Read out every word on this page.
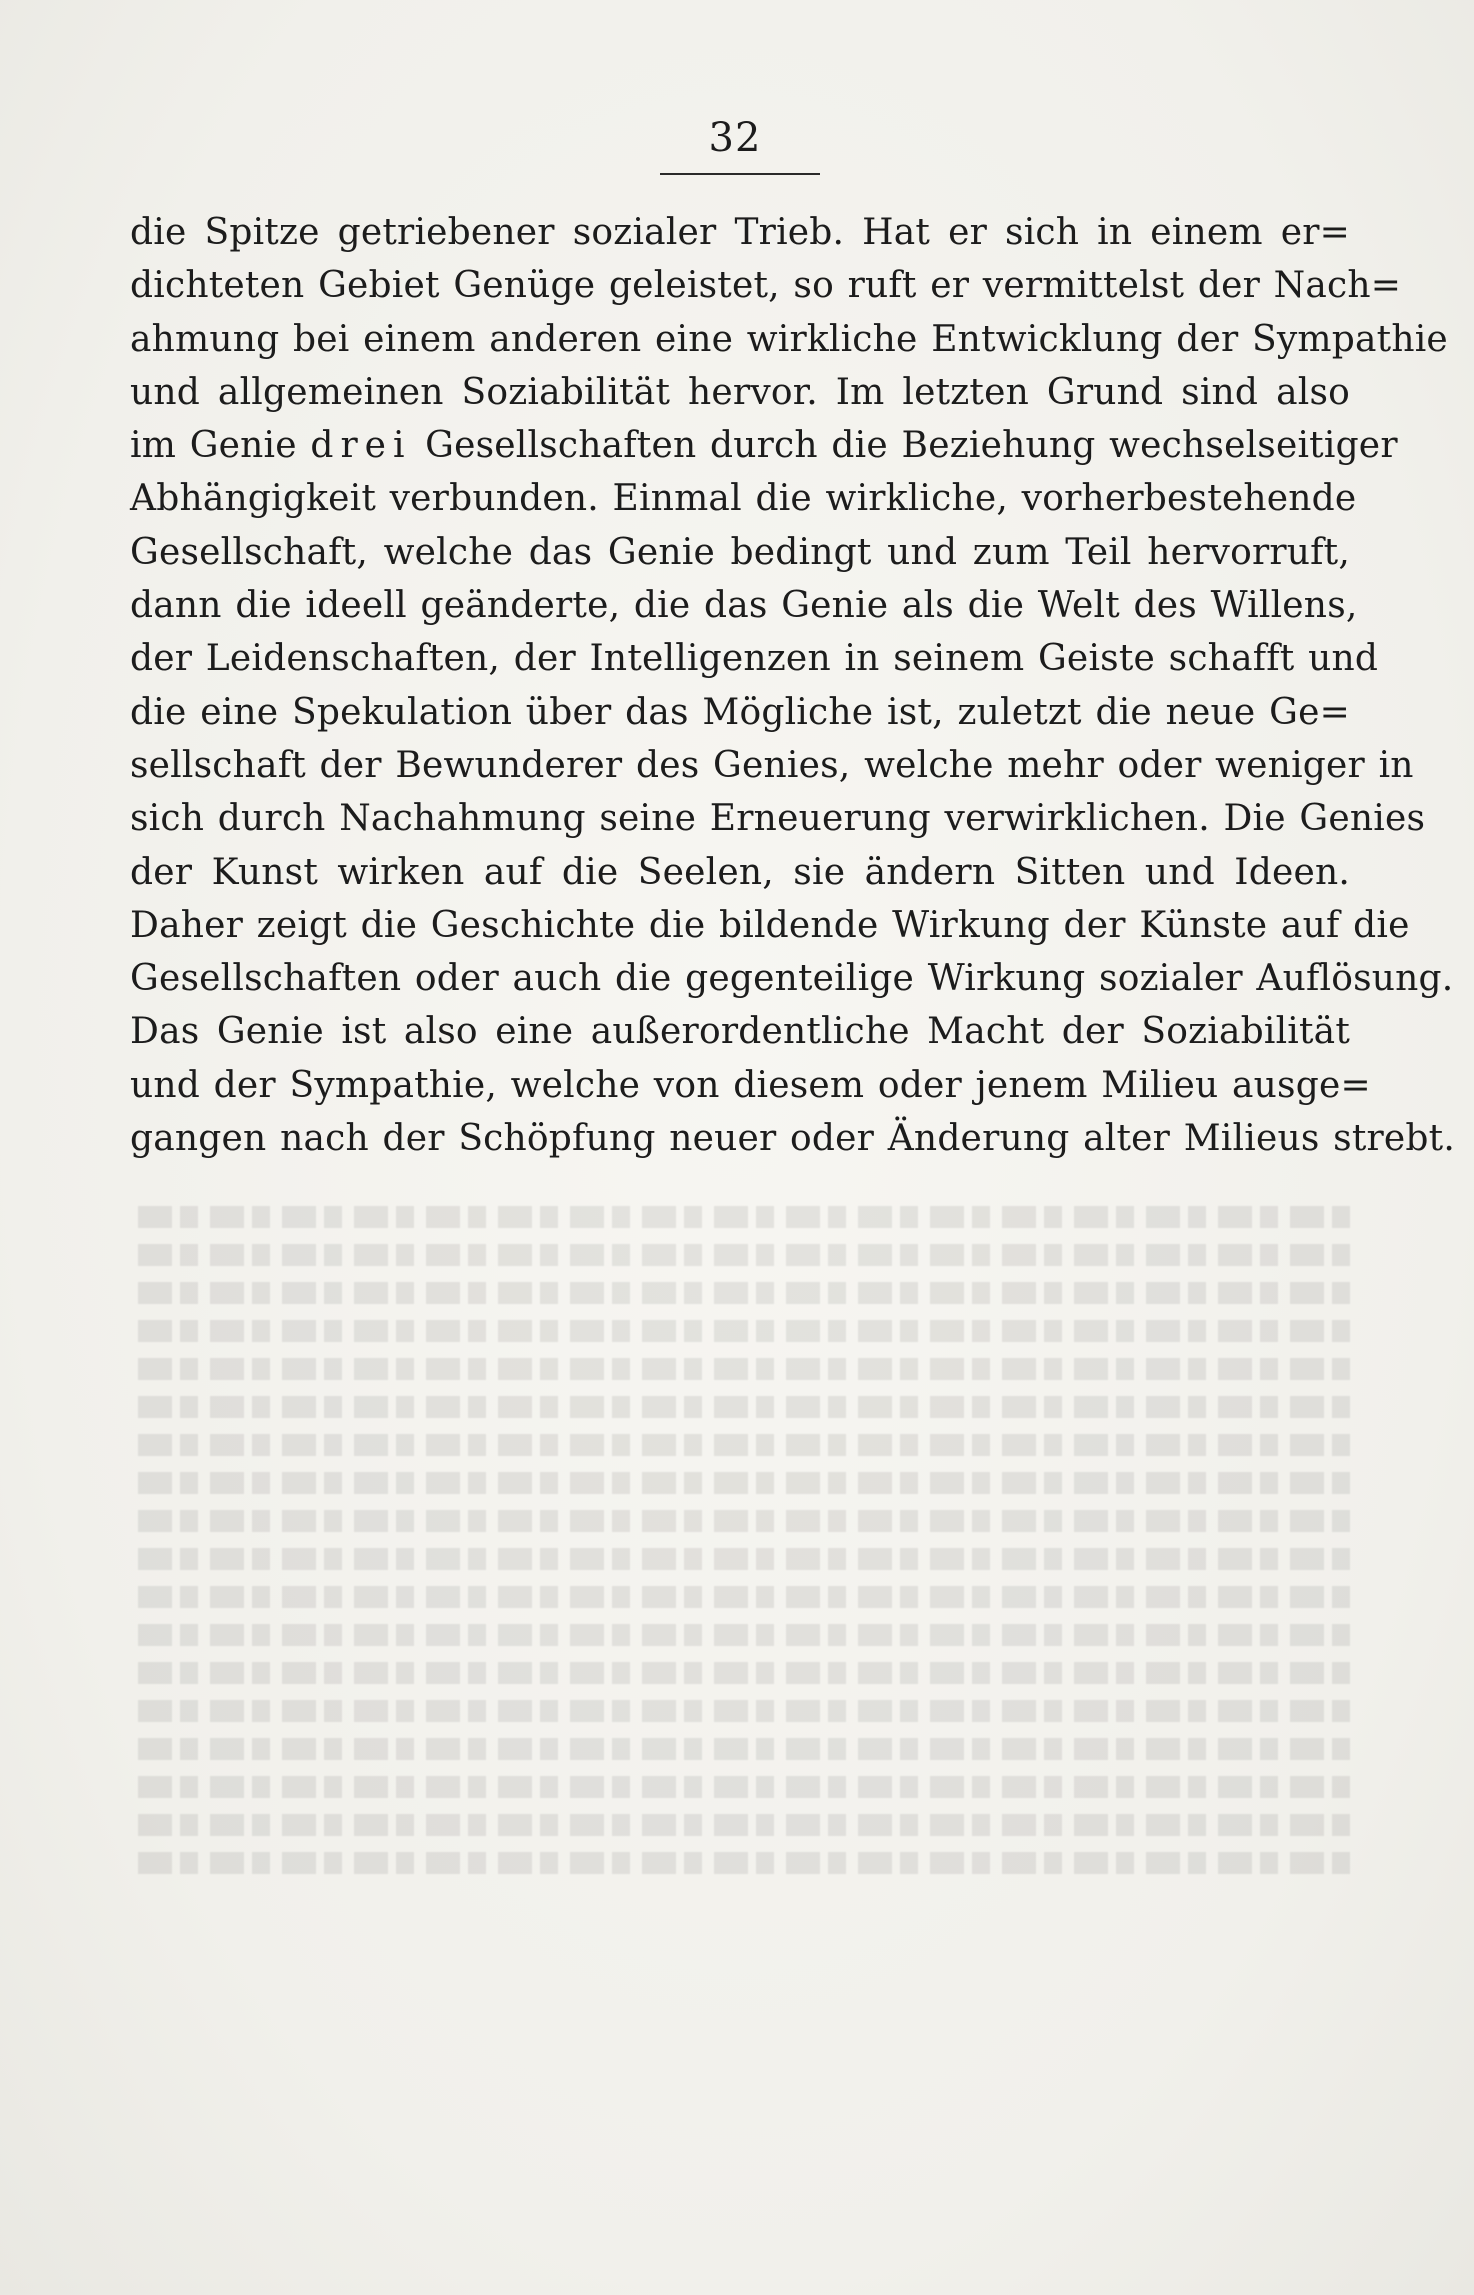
32
die Spitze getriebener sozialer Trieb. Hat er sich in einem er=
dichteten Gebiet Genüge geleistet, so ruft er vermittelst der Nach=
ahmung bei einem anderen eine wirkliche Entwicklung der Sympathie
und allgemeinen Soziabilität hervor. Im letzten Grund sind also
im Genie drei Gesellschaften durch die Beziehung wechselseitiger
Abhängigkeit verbunden. Einmal die wirkliche, vorherbestehende
Gesellschaft, welche das Genie bedingt und zum Teil hervorruft,
dann die ideell geänderte, die das Genie als die Welt des Willens,
der Leidenschaften, der Intelligenzen in seinem Geiste schafft und
die eine Spekulation über das Mögliche ist, zuletzt die neue Ge=
sellschaft der Bewunderer des Genies, welche mehr oder weniger in
sich durch Nachahmung seine Erneuerung verwirklichen. Die Genies
der Kunst wirken auf die Seelen, sie ändern Sitten und Ideen.
Daher zeigt die Geschichte die bildende Wirkung der Künste auf die
Gesellschaften oder auch die gegenteilige Wirkung sozialer Auflösung.
Das Genie ist also eine außerordentliche Macht der Soziabilität
und der Sympathie, welche von diesem oder jenem Milieu ausge=
gangen nach der Schöpfung neuer oder Änderung alter Milieus strebt.
